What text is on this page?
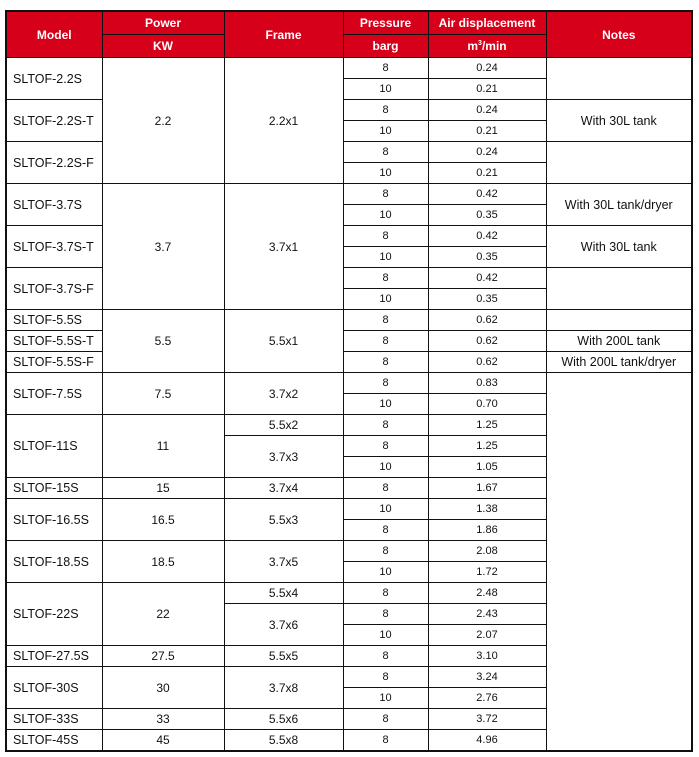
Model	Power	Frame	Pressure	Air displacement	Notes
	KW		barg	$m^3/\min$	
SLTOF-2.2S	2.2	2.2x1	8	0.24	
			10	0.21	
SLTOF-2.2S-T			8	0.24	With 30L tank
			10	0.21	
SLTOF-2.2S-F			8	0.24	
			10	0.21	
SLTOF-3.7S	3.7	3.7x1	8	0.42	With 30L tank/dryer
			10	0.35	
SLTOF-3.7S-T			8	0.42	With 30L tank
			10	0.35	
SLTOF-3.7S-F			8	0.42	
			10	0.35	
SLTOF-5.5S	5.5	5.5x1	8	0.62	
SLTOF-5.5S-T			8	0.62	With 200L tank
SLTOF-5.5S-F			8	0.62	With 200L tank/dryer
SLTOF-7.5S	7.5	3.7x2	8	0.83	
			10	0.70	
SLTOF-11S	11	5.5x2	8	1.25	
		3.7x3	8	1.25	
			10	1.05	
SLTOF-15S	15	3.7x4	8	1.67	
SLTOF-16.5S	16.5	5.5x3	10	1.38	
			8	1.86	
SLTOF-18.5S	18.5	3.7x5	8	2.08	
			10	1.72	
SLTOF-22S	22	5.5x4	8	2.48	
		3.7x6	8	2.43	
			10	2.07	
SLTOF-27.5S	27.5	5.5x5	8	3.10	
SLTOF-30S	30	3.7x8	8	3.24	
			10	2.76	
SLTOF-33S	33	5.5x6	8	3.72	
SLTOF-45S	45	5.5x8	8	4.96	
